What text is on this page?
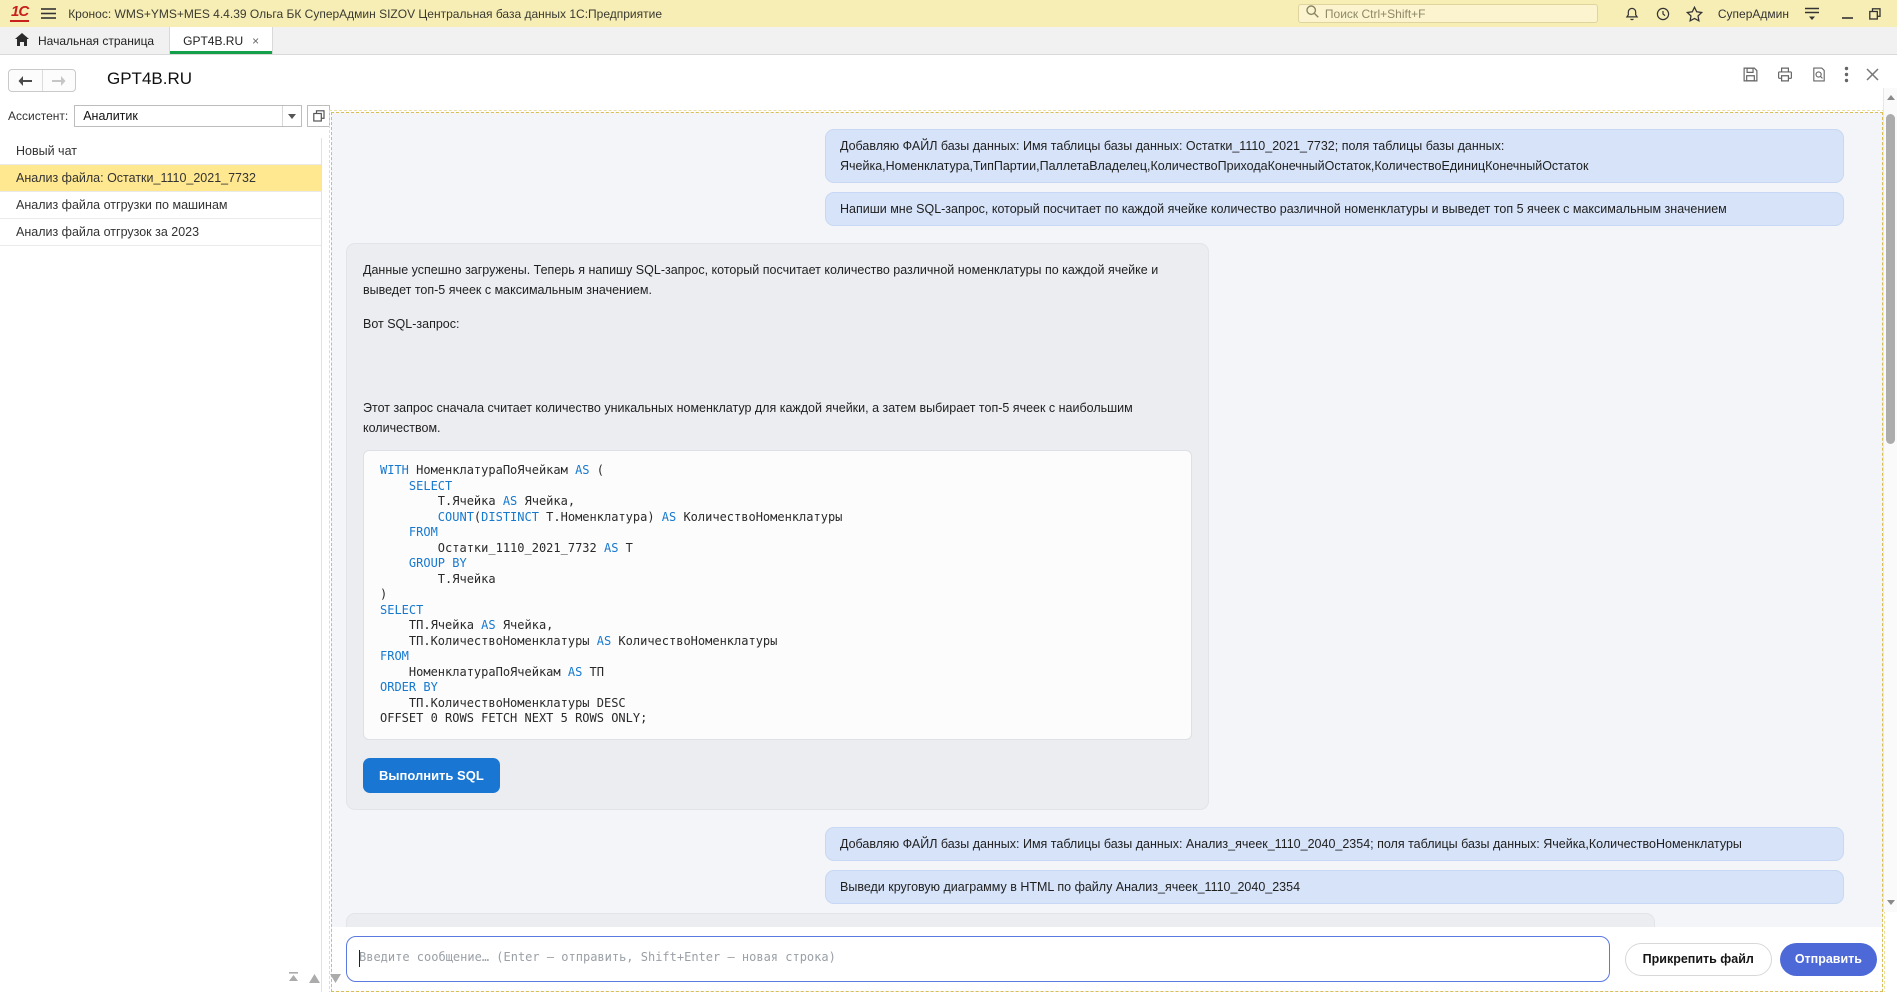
1С	Кронос: WMS+YMS+MES 4.4.39 Ольга БК СуперАдмин SIZOV Центральная база данных 1С:Предприятие
Поиск Ctrl+Shift+F	СуперАдмин
Начальная страница GPT4B.RU ×
GPT4B.RU
Ассистент:	Аналитик
Новый чат
Анализ файла: Остатки_1110_2021_7732
Анализ файла отгрузки по машинам
Анализ файла отгрузок за 2023
Добавляю ФАЙЛ базы данных: Имя таблицы базы данных: Остатки_1110_2021_7732; поля таблицы базы данных: Ячейка,Номенклатура,ТипПартии,ПаллетаВладелец,КоличествоПриходаКонечныйОстаток,КоличествоЕдиницКонечныйОстаток
Напиши мне SQL-запрос, который посчитает по каждой ячейке количество различной номенклатуры и выведет топ 5 ячеек с максимальным значением
Данные успешно загружены. Теперь я напишу SQL-запрос, который посчитает количество различной номенклатуры по каждой ячейке и выведет топ-5 ячеек с максимальным значением.
Вот SQL-запрос:
Этот запрос сначала считает количество уникальных номенклатур для каждой ячейки, а затем выбирает топ-5 ячеек с наибольшим количеством.
WITH НоменклатураПоЯчейкам AS (
SELECT
Т.Ячейка AS Ячейка,
COUNT(DISTINCT Т.Номенклатура) AS КоличествоНоменклатуры
FROM
Остатки_1110_2021_7732 AS Т
GROUP BY
Т.Ячейка
)
SELECT
ТП.Ячейка AS Ячейка,
ТП.КоличествоНоменклатуры AS КоличествоНоменклатуры
FROM
НоменклатураПоЯчейкам AS ТП
ORDER BY
ТП.КоличествоНоменклатуры DESC
OFFSET 0 ROWS FETCH NEXT 5 ROWS ONLY;
Выполнить SQL
Добавляю ФАЙЛ базы данных: Имя таблицы базы данных: Анализ_ячеек_1110_2040_2354; поля таблицы базы данных: Ячейка,КоличествоНоменклатуры
Выведи круговую диаграмму в HTML по файлу Анализ_ячеек_1110_2040_2354
Введите сообщение… (Enter — отправить, Shift+Enter — новая строка)
Прикрепить файл	Отправить
